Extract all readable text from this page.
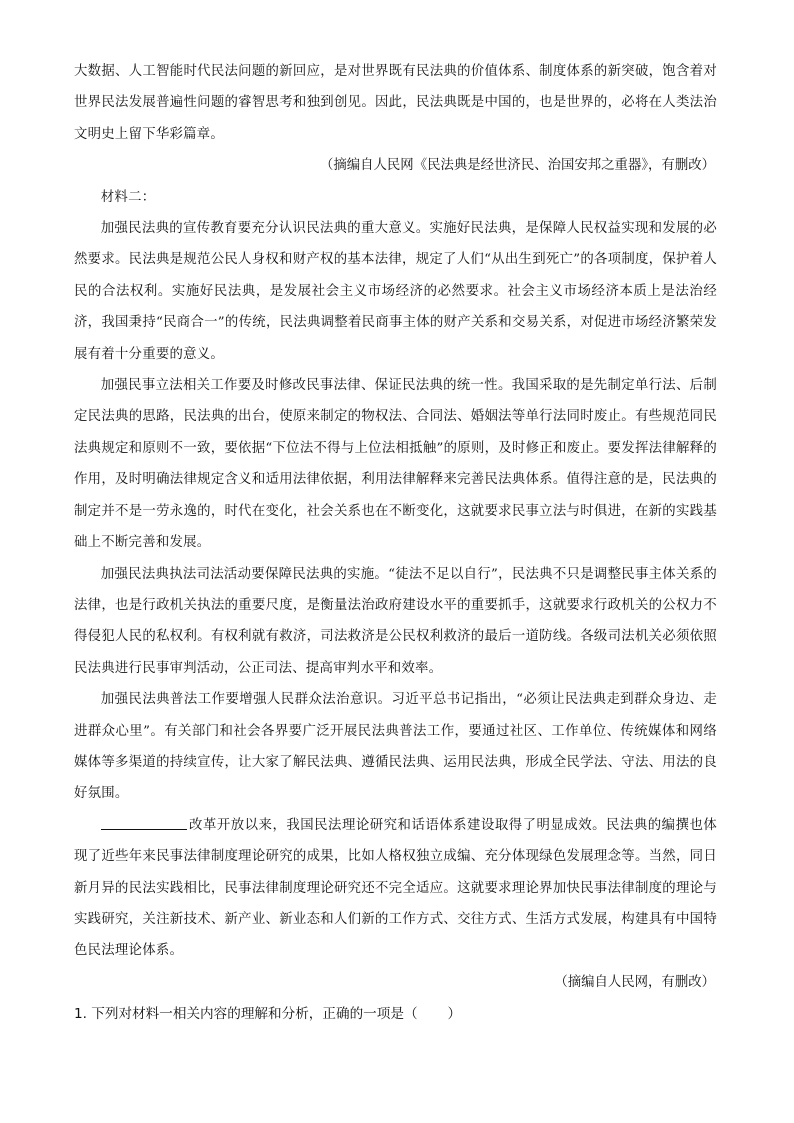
大数据、人工智能时代民法问题的新回应，是对世界既有民法典的价值体系、制度体系的新突破，饱含着对世界民法发展普遍性问题的睿智思考和独到创见。因此，民法典既是中国的，也是世界的，必将在人类法治文明史上留下华彩篇章。

（摘编自人民网《民法典是经世济民、治国安邦之重器》，有删改）

材料二：

加强民法典的宣传教育要充分认识民法典的重大意义。实施好民法典，是保障人民权益实现和发展的必然要求。民法典是规范公民人身权和财产权的基本法律，规定了人们“从出生到死亡”的各项制度，保护着人民的合法权利。实施好民法典，是发展社会主义市场经济的必然要求。社会主义市场经济本质上是法治经济，我国秉持“民商合一”的传统，民法典调整着民商事主体的财产关系和交易关系，对促进市场经济繁荣发展有着十分重要的意义。

加强民事立法相关工作要及时修改民事法律、保证民法典的统一性。我国采取的是先制定单行法、后制定民法典的思路，民法典的出台，使原来制定的物权法、合同法、婚姻法等单行法同时废止。有些规范同民法典规定和原则不一致，要依据“下位法不得与上位法相抵触”的原则，及时修正和废止。要发挥法律解释的作用，及时明确法律规定含义和适用法律依据，利用法律解释来完善民法典体系。值得注意的是，民法典的制定并不是一劳永逸的，时代在变化，社会关系也在不断变化，这就要求民事立法与时俱进，在新的实践基础上不断完善和发展。

加强民法典执法司法活动要保障民法典的实施。“徒法不足以自行”，民法典不只是调整民事主体关系的法律，也是行政机关执法的重要尺度，是衡量法治政府建设水平的重要抓手，这就要求行政机关的公权力不得侵犯人民的私权利。有权利就有救济，司法救济是公民权利救济的最后一道防线。各级司法机关必须依照民法典进行民事审判活动，公正司法、提高审判水平和效率。

加强民法典普法工作要增强人民群众法治意识。习近平总书记指出，“必须让民法典走到群众身边、走进群众心里”。有关部门和社会各界要广泛开展民法典普法工作，要通过社区、工作单位、传统媒体和网络媒体等多渠道的持续宣传，让大家了解民法典、遵循民法典、运用民法典，形成全民学法、守法、用法的良好氛围。

改革开放以来，我国民法理论研究和话语体系建设取得了明显成效。民法典的编撰也体现了近些年来民事法律制度理论研究的成果，比如人格权独立成编、充分体现绿色发展理念等。当然，同日新月异的民法实践相比，民事法律制度理论研究还不完全适应。这就要求理论界加快民事法律制度的理论与实践研究，关注新技术、新产业、新业态和人们新的工作方式、交往方式、生活方式发展，构建具有中国特色民法理论体系。

（摘编自人民网，有删改）

1. 下列对材料一相关内容的理解和分析，正确的一项是（ ）
